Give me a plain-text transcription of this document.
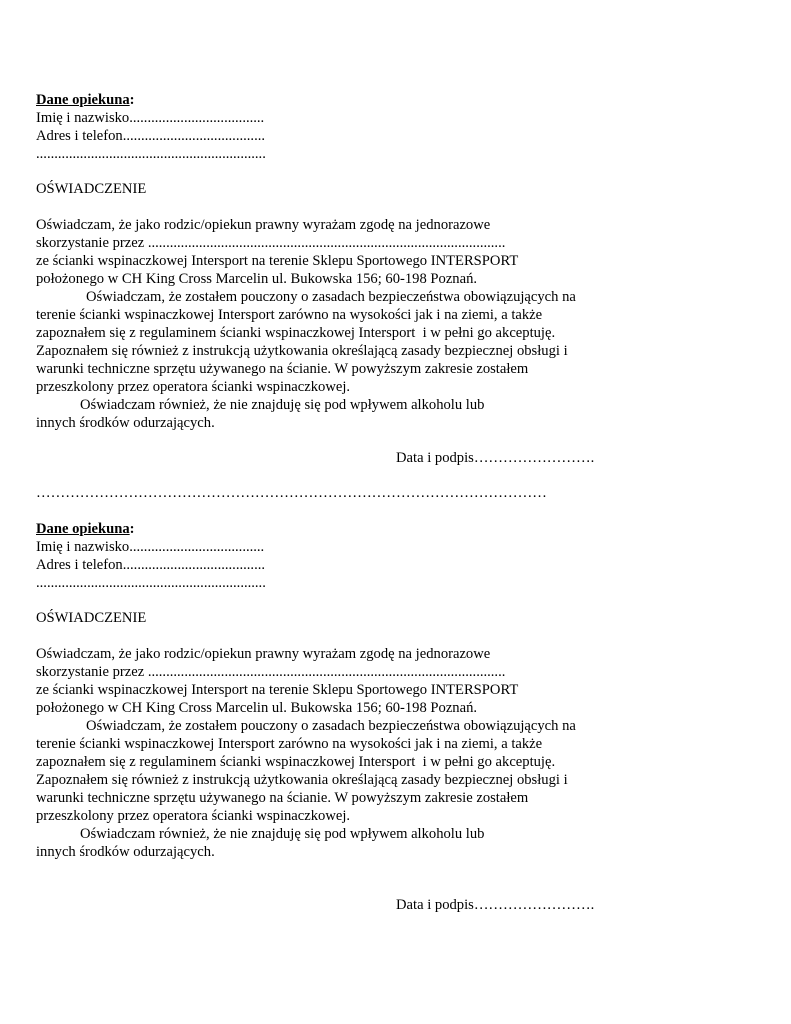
Dane opiekuna:
Imię i nazwisko.....................................
Adres i telefon.......................................
...............................................................
OŚWIADCZENIE
Oświadczam, że jako rodzic/opiekun prawny wyrażam zgodę na jednorazowe
skorzystanie przez ..................................................................................................
ze ścianki wspinaczkowej Intersport na terenie Sklepu Sportowego INTERSPORT
położonego w CH King Cross Marcelin ul. Bukowska 156; 60-198 Poznań.
Oświadczam, że zostałem pouczony o zasadach bezpieczeństwa obowiązujących na
terenie ścianki wspinaczkowej Intersport zarówno na wysokości jak i na ziemi, a także
zapoznałem się z regulaminem ścianki wspinaczkowej Intersport  i w pełni go akceptuję.
Zapoznałem się również z instrukcją użytkowania określającą zasady bezpiecznej obsługi i
warunki techniczne sprzętu używanego na ścianie. W powyższym zakresie zostałem
przeszkolony przez operatora ścianki wspinaczkowej.
Oświadczam również, że nie znajduję się pod wpływem alkoholu lub
innych środków odurzających.
Data i podpis…………………….
……………………………………………………………………………………………
Dane opiekuna:
Imię i nazwisko.....................................
Adres i telefon.......................................
...............................................................
OŚWIADCZENIE
Oświadczam, że jako rodzic/opiekun prawny wyrażam zgodę na jednorazowe
skorzystanie przez ..................................................................................................
ze ścianki wspinaczkowej Intersport na terenie Sklepu Sportowego INTERSPORT
położonego w CH King Cross Marcelin ul. Bukowska 156; 60-198 Poznań.
Oświadczam, że zostałem pouczony o zasadach bezpieczeństwa obowiązujących na
terenie ścianki wspinaczkowej Intersport zarówno na wysokości jak i na ziemi, a także
zapoznałem się z regulaminem ścianki wspinaczkowej Intersport  i w pełni go akceptuję.
Zapoznałem się również z instrukcją użytkowania określającą zasady bezpiecznej obsługi i
warunki techniczne sprzętu używanego na ścianie. W powyższym zakresie zostałem
przeszkolony przez operatora ścianki wspinaczkowej.
Oświadczam również, że nie znajduję się pod wpływem alkoholu lub
innych środków odurzających.
Data i podpis…………………….
